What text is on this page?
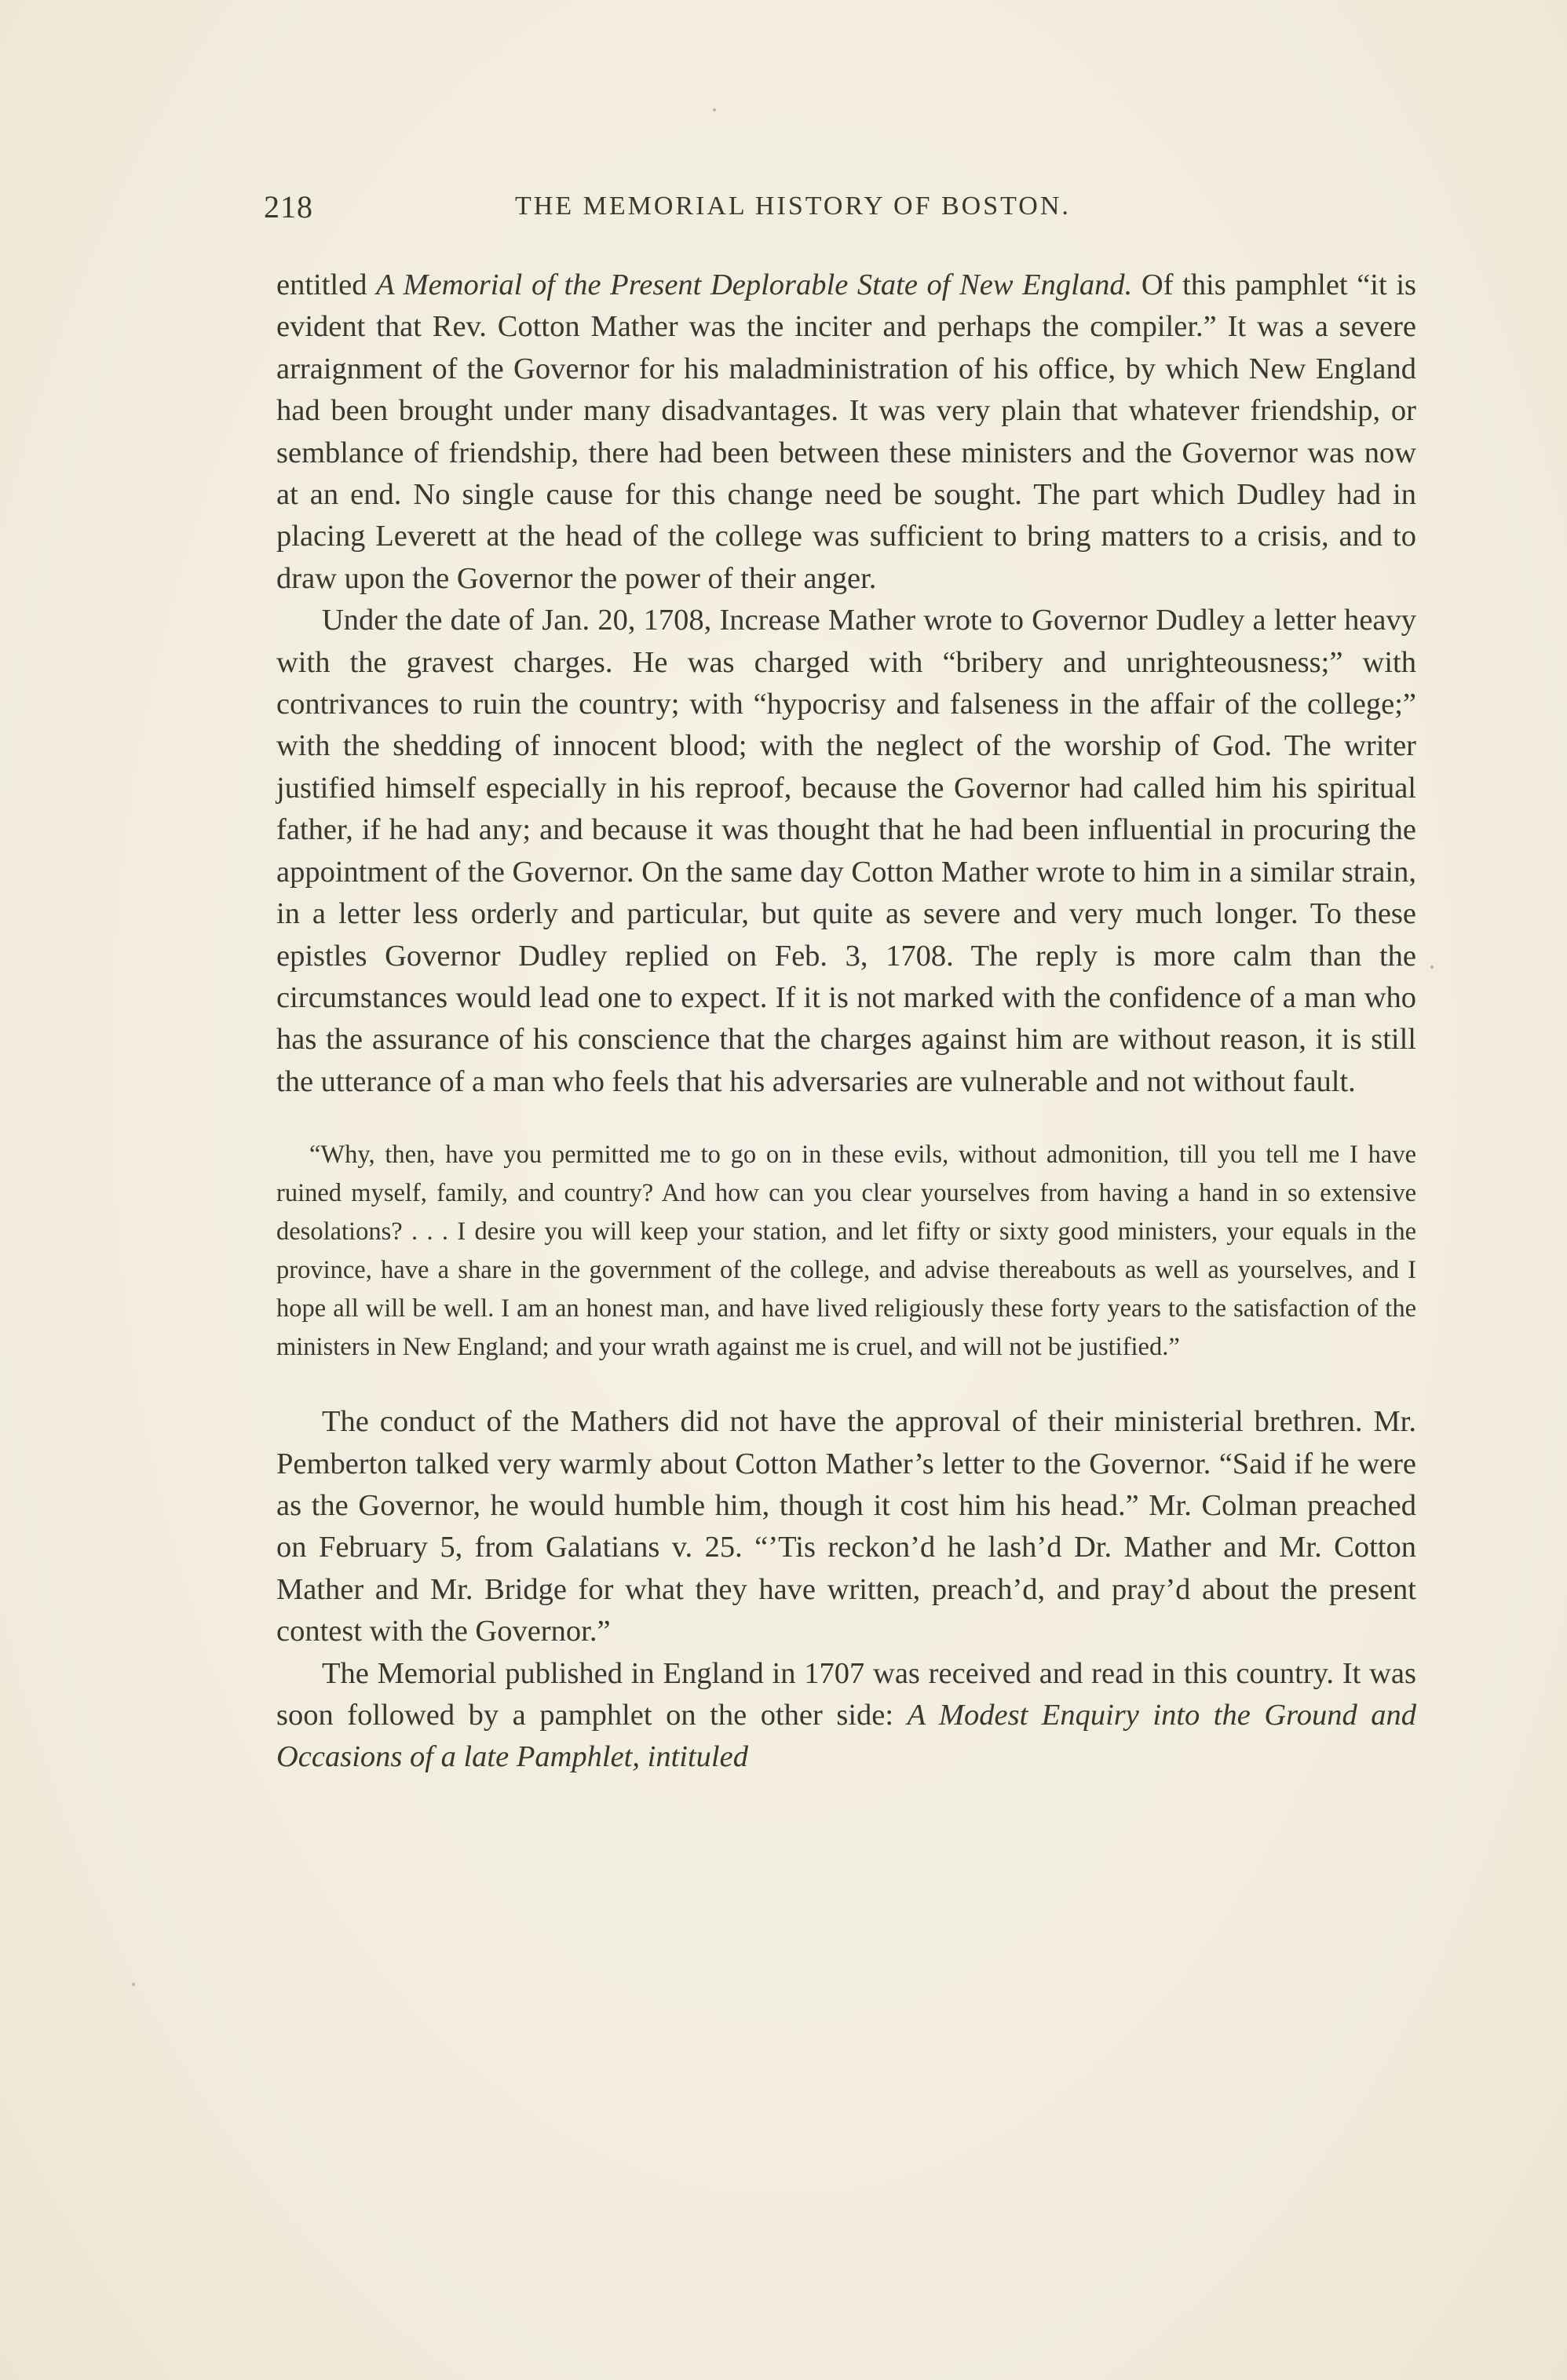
218	THE MEMORIAL HISTORY OF BOSTON.

entitled A Memorial of the Present Deplorable State of New England. Of this pamphlet “it is evident that Rev. Cotton Mather was the inciter and perhaps the compiler.” It was a severe arraignment of the Governor for his maladministration of his office, by which New England had been brought under many disadvantages. It was very plain that whatever friendship, or semblance of friendship, there had been between these ministers and the Governor was now at an end. No single cause for this change need be sought. The part which Dudley had in placing Leverett at the head of the college was sufficient to bring matters to a crisis, and to draw upon the Governor the power of their anger.

Under the date of Jan. 20, 1708, Increase Mather wrote to Governor Dudley a letter heavy with the gravest charges. He was charged with “bribery and unrighteousness;” with contrivances to ruin the country; with “hypocrisy and falseness in the affair of the college;” with the shedding of innocent blood; with the neglect of the worship of God. The writer justified himself especially in his reproof, because the Governor had called him his spiritual father, if he had any; and because it was thought that he had been influential in procuring the appointment of the Governor. On the same day Cotton Mather wrote to him in a similar strain, in a letter less orderly and particular, but quite as severe and very much longer. To these epistles Governor Dudley replied on Feb. 3, 1708. The reply is more calm than the circumstances would lead one to expect. If it is not marked with the confidence of a man who has the assurance of his conscience that the charges against him are without reason, it is still the utterance of a man who feels that his adversaries are vulnerable and not without fault.

“Why, then, have you permitted me to go on in these evils, without admonition, till you tell me I have ruined myself, family, and country? And how can you clear yourselves from having a hand in so extensive desolations? . . . I desire you will keep your station, and let fifty or sixty good ministers, your equals in the province, have a share in the government of the college, and advise thereabouts as well as yourselves, and I hope all will be well. I am an honest man, and have lived religiously these forty years to the satisfaction of the ministers in New England; and your wrath against me is cruel, and will not be justified.”

The conduct of the Mathers did not have the approval of their ministerial brethren. Mr. Pemberton talked very warmly about Cotton Mather’s letter to the Governor. “Said if he were as the Governor, he would humble him, though it cost him his head.” Mr. Colman preached on February 5, from Galatians v. 25. “’Tis reckon’d he lash’d Dr. Mather and Mr. Cotton Mather and Mr. Bridge for what they have written, preach’d, and pray’d about the present contest with the Governor.”

The Memorial published in England in 1707 was received and read in this country. It was soon followed by a pamphlet on the other side: A Modest Enquiry into the Ground and Occasions of a late Pamphlet, intituled
